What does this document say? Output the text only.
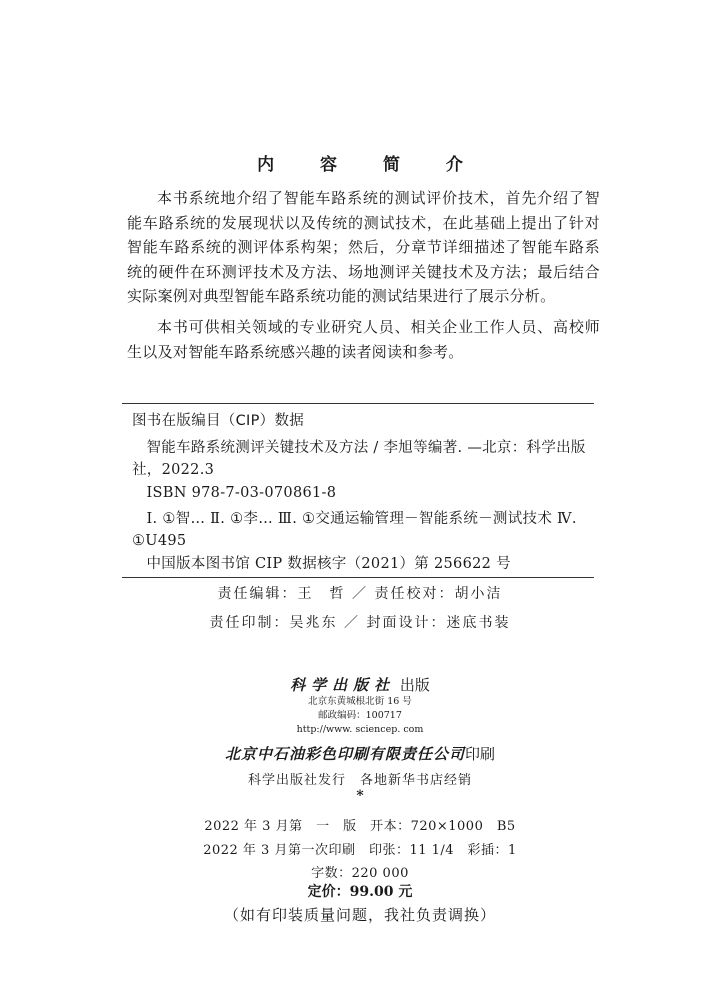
内 容 简 介
本书系统地介绍了智能车路系统的测试评价技术，首先介绍了智能车路系统的发展现状以及传统的测试技术，在此基础上提出了针对智能车路系统的测评体系构架；然后，分章节详细描述了智能车路系统的硬件在环测评技术及方法、场地测评关键技术及方法；最后结合实际案例对典型智能车路系统功能的测试结果进行了展示分析。
本书可供相关领域的专业研究人员、相关企业工作人员、高校师生以及对智能车路系统感兴趣的读者阅读和参考。
图书在版编目（CIP）数据
智能车路系统测评关键技术及方法 / 李旭等编著. —北京：科学出版社，2022.3
ISBN 978-7-03-070861-8
Ⅰ. ①智… Ⅱ. ①李… Ⅲ. ①交通运输管理－智能系统－测试技术 Ⅳ. ①U495
中国版本图书馆 CIP 数据核字（2021）第 256622 号
责任编辑：王　哲 ／ 责任校对：胡小洁
责任印制：吴兆东 ／ 封面设计：迷底书装
科学出版社 出版
北京东黄城根北街 16 号
邮政编码：100717
http://www. sciencep. com
北京中石油彩色印刷有限责任公司印刷
科学出版社发行　各地新华书店经销
*
2022 年 3 月第　一　版　开本：720×1000　B5
2022 年 3 月第一次印刷　印张：11 1/4　彩插：1
字数：220 000
定价：99.00 元
（如有印装质量问题，我社负责调换）
